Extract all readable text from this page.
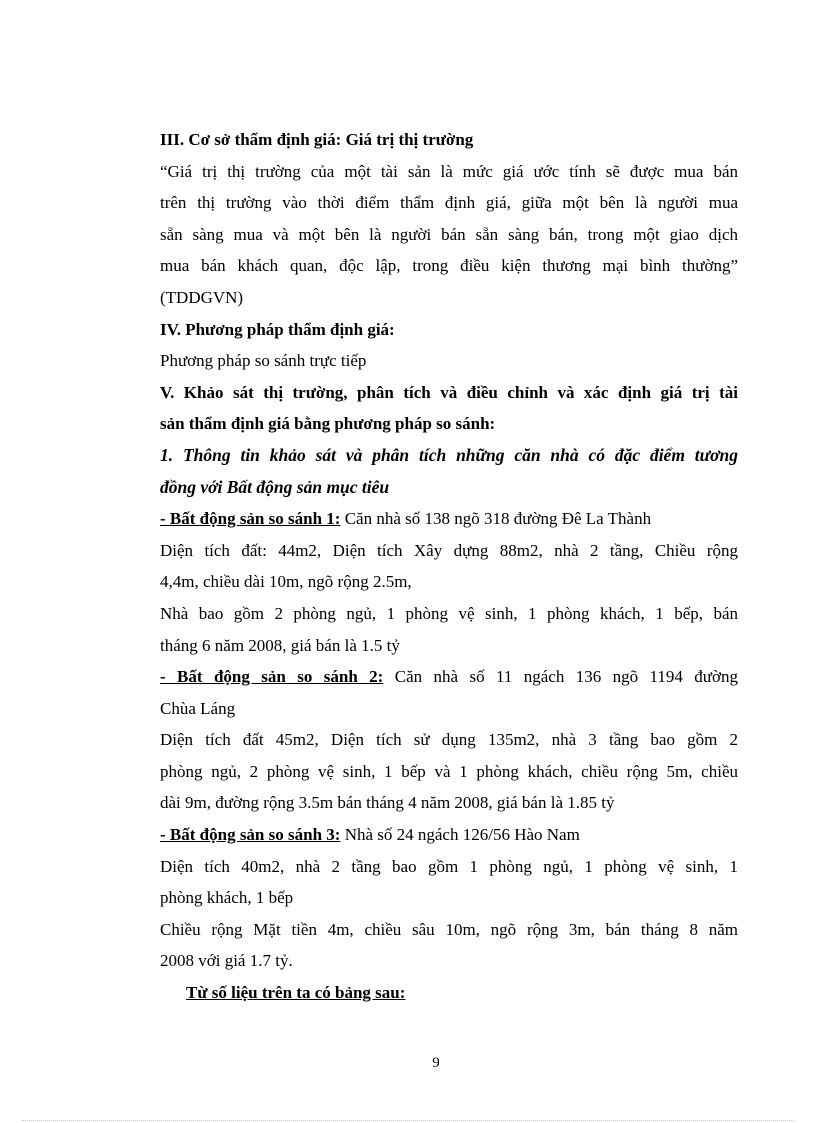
III. Cơ sở thẩm định giá: Giá trị thị trường
“Giá trị thị trường của một tài sản là mức giá ước tính sẽ được mua bán
trên thị trường vào thời điểm thẩm định giá, giữa một bên là người mua
sẵn sàng mua và một bên là người bán sẵn sàng bán, trong một giao dịch
mua bán khách quan, độc lập, trong điều kiện thương mại bình thường”
(TDDGVN)
IV. Phương pháp thẩm định giá:
Phương pháp so sánh trực tiếp
V. Khảo sát thị trường, phân tích và điều chỉnh và xác định giá trị tài
sản thẩm định giá bằng phương pháp so sánh:
1. Thông tin khảo sát và phân tích những căn nhà có đặc điểm tương
đồng với Bất động sản mục tiêu
- Bất động sản so sánh 1: Căn nhà số 138 ngõ 318 đường Đê La Thành
Diện tích đất: 44m2, Diện tích Xây dựng 88m2, nhà 2 tầng, Chiều rộng
4,4m, chiều dài 10m, ngõ rộng 2.5m,
Nhà bao gồm 2 phòng ngủ, 1 phòng vệ sinh, 1 phòng khách, 1 bếp, bán
tháng 6 năm 2008, giá bán là 1.5 tỷ
- Bất động sản so sánh 2: Căn nhà số 11 ngách 136 ngõ 1194 đường
Chùa Láng
Diện tích đất 45m2, Diện tích sử dụng 135m2, nhà 3 tầng bao gồm 2
phòng ngủ, 2 phòng vệ sinh, 1 bếp và 1 phòng khách, chiều rộng 5m, chiều
dài 9m, đường rộng 3.5m bán tháng 4 năm 2008, giá bán là 1.85 tỷ
- Bất động sản so sánh 3: Nhà số 24 ngách 126/56 Hào Nam
Diện tích 40m2, nhà 2 tầng bao gồm 1 phòng ngủ, 1 phòng vệ sinh, 1
phòng khách, 1 bếp
Chiều rộng Mặt tiền 4m, chiều sâu 10m, ngõ rộng 3m, bán tháng 8 năm
2008 với giá 1.7 tỷ.
Từ số liệu trên ta có bảng sau:
9
